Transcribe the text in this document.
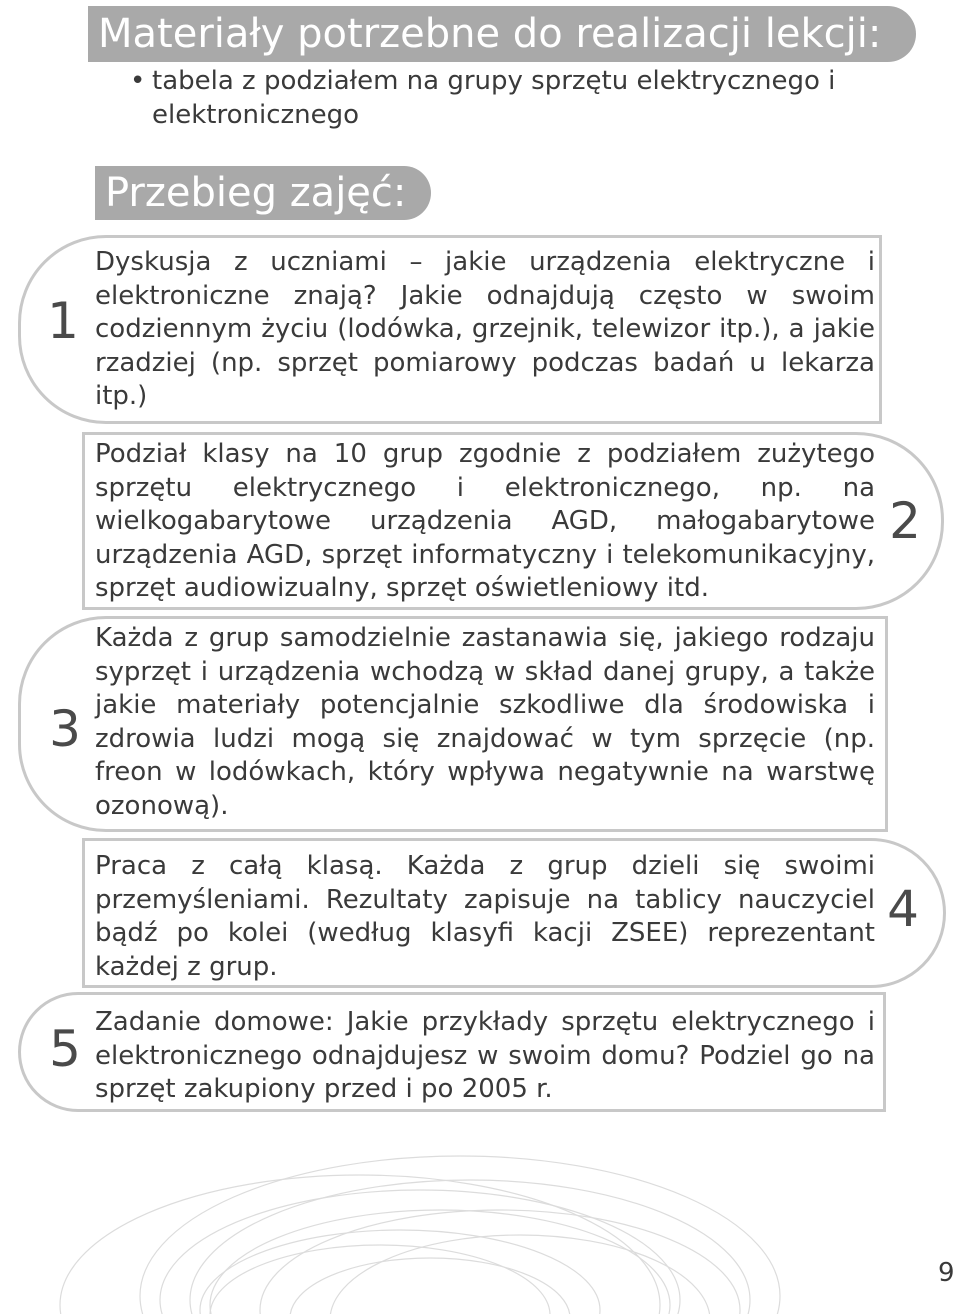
Materiały potrzebne do realizacji lekcji:
• tabela z podziałem na grupy sprzętu elektrycznego i elektronicznego
Przebieg zajęć:
1
Dyskusja z uczniami – jakie urządzenia elektryczne i elektroniczne znają? Jakie odnajdują często w swoim codziennym życiu (lodówka, grzejnik, telewizor itp.), a jakie rzadziej (np. sprzęt pomiarowy podczas badań u lekarza itp.)
2
Podział klasy na 10 grup zgodnie z podziałem zużytego sprzętu elektrycznego i elektronicznego, np. na wielkogabarytowe urządzenia AGD, małogabarytowe urządzenia AGD, sprzęt informatyczny i telekomunikacyjny, sprzęt audiowizualny, sprzęt oświetleniowy itd.
3
Każda z grup samodzielnie zastanawia się, jakiego rodzaju syprzęt i urządzenia wchodzą w skład danej grupy, a także jakie materiały potencjalnie szkodliwe dla środowiska i zdrowia ludzi mogą się znajdować w tym sprzęcie (np. freon w lodówkach, który wpływa negatywnie na warstwę ozonową).
4
Praca z całą klasą. Każda z grup dzieli się swoimi przemyśleniami. Rezultaty zapisuje na tablicy nauczyciel bądź po kolei (według klasyfi kacji ZSEE) reprezentant każdej z grup.
5 Zadanie domowe: Jakie przykłady sprzętu elektrycznego i elektronicznego odnajdujesz w swoim domu? Podziel go na sprzęt zakupiony przed i po 2005 r.
9
